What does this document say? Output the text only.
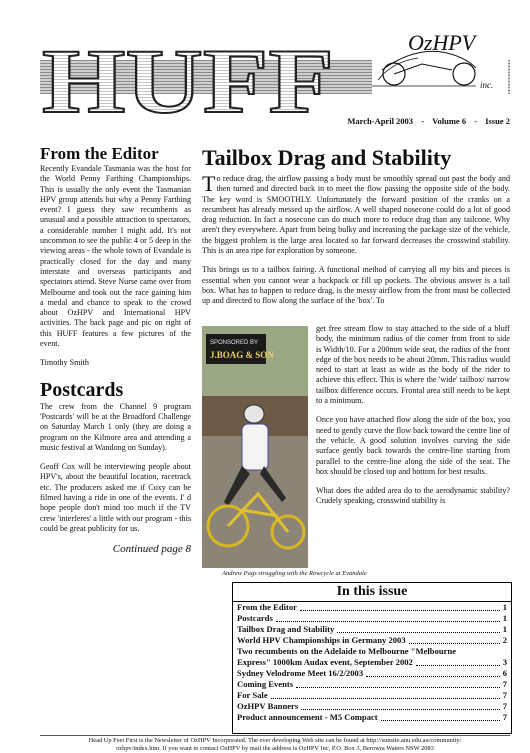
HUFF	OzHPV
inc.
March-April 2003 - Volume 6 - Issue 2
From the Editor

Recently Evandale Tasmania was the host for the World Penny Farthing Championships. This is usually the only event the Tasmanian HPV group attends but why a Penny Farthing event? I guess they saw recumbents as unusual and a possible attraction to spectators, a considerable number I might add. It's not uncommon to see the public 4 or 5 deep in the viewing areas - the whole town of Evandale is practically closed for the day and many interstate and overseas participants and spectators attend. Steve Nurse came over from Melbourne and took out the race gaining him a medal and chance to speak to the crowd about OzHPV and International HPV activities. The back page and pic on right of this HUFF features a few pictures of the event.

Timothy Smith

Postcards

The crew from the Channel 9 program 'Postcards' will be at the Broadford Challenge on Saturday March 1 only (they are doing a program on the Kilmore area and attending a music festival at Wandong on Sunday).

Geoff Cox will be interviewing people about HPV's, about the beautiful location, racetrack etc. The producers asked me if Coxy can be filmed having a ride in one of the events. I' d hope people don't mind too much if the TV crew 'interferes' a little with our program - this could be great publicity for us.

Continued page 8
Tailbox Drag and Stability

To reduce drag, the airflow passing a body must be smoothly spread out past the body and then turned and directed back in to meet the flow passing the opposite side of the body. The key word is SMOOTHLY. Unfortunately the forward position of the cranks on a recumbent has already messed up the airflow. A well shaped nosecone could do a lot of good drag reduction. In fact a nosecone can do much more to reduce drag than any tailcone. Why aren't they everywhere. Apart from being bulky and increasing the package size of the vehicle, the biggest problem is the large area located so far forward decreases the crosswind stability. This is an area ripe for exploration by someone.

This brings us to a tailbox fairing. A functional method of carrying all my bits and pieces is essential when you cannot wear a backpack or fill up pockets. The obvious answer is a tail box. What has to happen to reduce drag, is the messy airflow from the front must be collected up and directed to flow along the surface of the 'box'. To

SPONSORED BY
J.BOAG & SON
Andrew Pags struggling with the Rowcycle at Evandale

get free stream flow to stay attached to the side of a bluff body, the minimum radius of the corner from front to side is Width/10. For a 200mm wide seat, the radius of the front edge of the box needs to be about 20mm. This radius would need to start at least as wide as the body of the rider to achieve this effect. This is where the 'wide' tailbox/ narrow tailbox difference occurs. Frontal area still needs to be kept to a minimum.

Once you have attached flow along the side of the box, you need to gently curve the flow back toward the centre line of the vehicle. A good solution involves curving the side surface gently back towards the centre-line starting from parallel to the centre-line along the side of the seat. The box should be closed top and bottom for best results.

What does the added area do to the aerodynamic stability? Crudely speaking, crosswind stability is

In this issue
From the Editor	1
Postcards	1
Tailbox Drag and Stability	1
World HPV Championships in Germany 2003	2
Two recumbents on the Adelaide to Melbourne "Melbourne
Express" 1000km Audax event, September 2002	3
Sydney Velodrome Meet 16/2/2003	6
Coming Events	7
For Sale	7
OzHPV Banners	7
Product announcement - M5 Compact	7
Head Up Feet First is the Newsletter of OzHPV Incorporated. The ever developing Web site can be found at http://sunsite.anu.edu.au/community/
ozhpv/index.htm. If you want to contact OzHPV by mail the address is OzHPV Inc, P.O. Box 3, Berowra Waters NSW 2083
